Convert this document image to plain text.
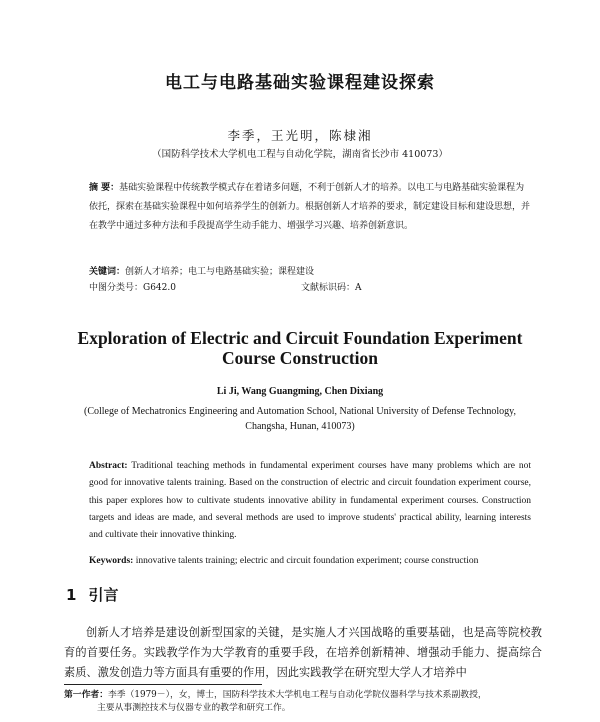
电工与电路基础实验课程建设探索
李季，王光明，陈棣湘
（国防科学技术大学机电工程与自动化学院，湖南省长沙市 410073）
摘 要：基础实验课程中传统教学模式存在着诸多问题，不利于创新人才的培养。以电工与电路基础实验课程为依托，探索在基础实验课程中如何培养学生的创新力。根据创新人才培养的要求，制定建设目标和建设思想，并在教学中通过多种方法和手段提高学生动手能力、增强学习兴趣、培养创新意识。
关键词：创新人才培养；电工与电路基础实验；课程建设
中图分类号：G642.0	文献标识码：A
Exploration of Electric and Circuit Foundation Experiment
Course Construction
Li Ji, Wang Guangming, Chen Dixiang
(College of Mechatronics Engineering and Automation School, National University of Defense Technology,
Changsha, Hunan, 410073)
Abstract: Traditional teaching methods in fundamental experiment courses have many problems which are not good for innovative talents training. Based on the construction of electric and circuit foundation experiment course, this paper explores how to cultivate students innovative ability in fundamental experiment courses. Construction targets and ideas are made, and several methods are used to improve students' practical ability, learning interests and cultivate their innovative thinking.
Keywords: innovative talents training; electric and circuit foundation experiment; course construction
1 引言
创新人才培养是建设创新型国家的关键，是实施人才兴国战略的重要基础，也是高等院校教育的首要任务。实践教学作为大学教育的重要手段，在培养创新精神、增强动手能力、提高综合素质、激发创造力等方面具有重要的作用，因此实践教学在研究型大学人才培养中
第一作者：李季（1979－），女，博士，国防科学技术大学机电工程与自动化学院仪器科学与技术系副教授，
主要从事测控技术与仪器专业的教学和研究工作。
